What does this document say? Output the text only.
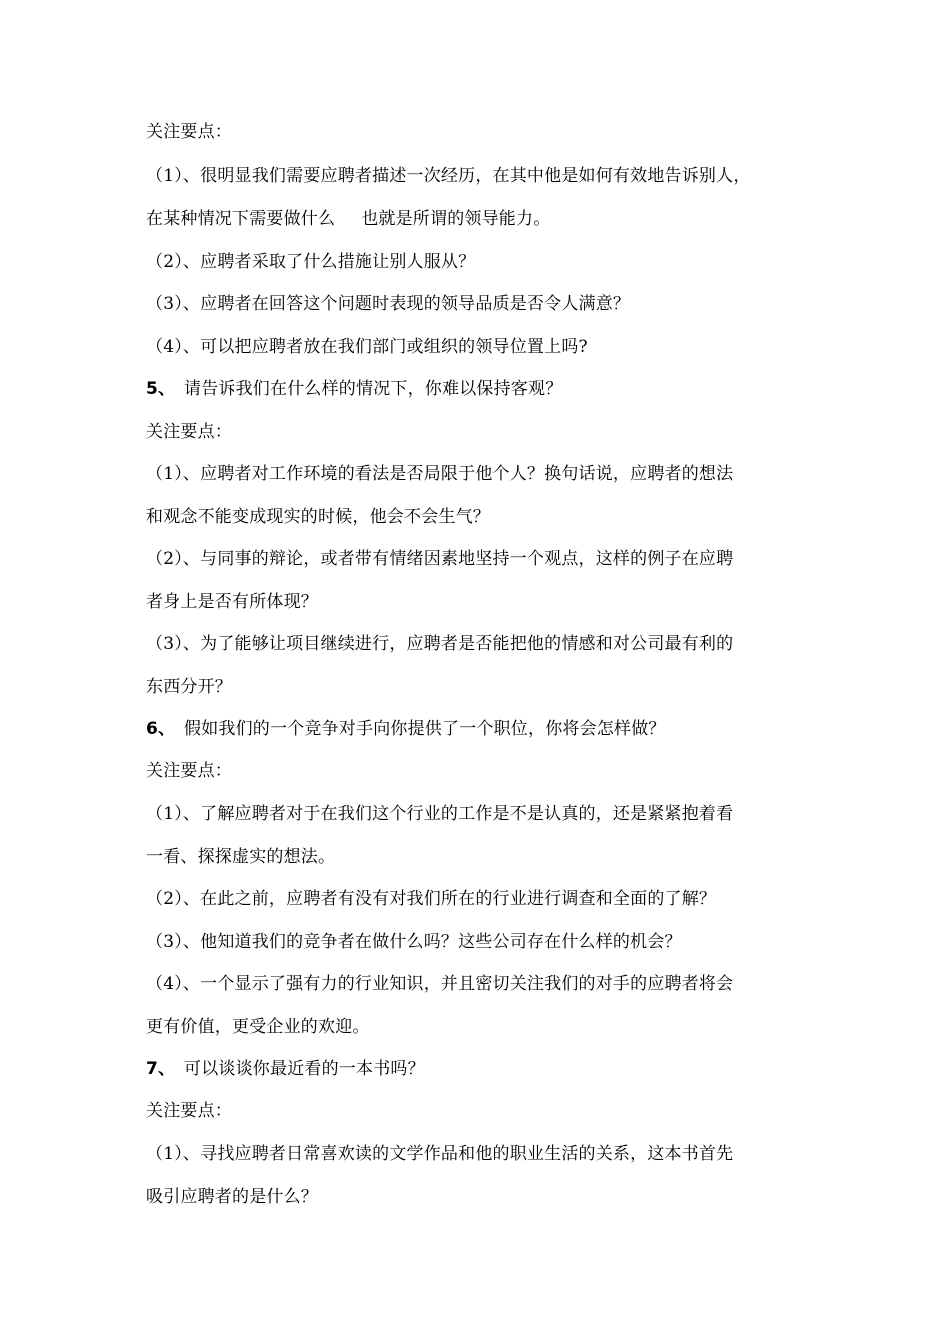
关注要点：
（1）、很明显我们需要应聘者描述一次经历，在其中他是如何有效地告诉别人，
在某种情况下需要做什么 也就是所谓的领导能力。
（2）、应聘者采取了什么措施让别人服从？
（3）、应聘者在回答这个问题时表现的领导品质是否令人满意？
（4）、可以把应聘者放在我们部门或组织的领导位置上吗?
5、 请告诉我们在什么样的情况下，你难以保持客观？
关注要点：
（1）、应聘者对工作环境的看法是否局限于他个人？换句话说，应聘者的想法
和观念不能变成现实的时候，他会不会生气？
（2）、与同事的辩论，或者带有情绪因素地坚持一个观点，这样的例子在应聘
者身上是否有所体现？
（3）、为了能够让项目继续进行，应聘者是否能把他的情感和对公司最有利的
东西分开？
6、 假如我们的一个竞争对手向你提供了一个职位，你将会怎样做？
关注要点：
（1）、了解应聘者对于在我们这个行业的工作是不是认真的，还是紧紧抱着看
一看、探探虚实的想法。
（2）、在此之前，应聘者有没有对我们所在的行业进行调查和全面的了解？
（3）、他知道我们的竞争者在做什么吗？这些公司存在什么样的机会？
（4）、一个显示了强有力的行业知识，并且密切关注我们的对手的应聘者将会
更有价值，更受企业的欢迎。
7、 可以谈谈你最近看的一本书吗？
关注要点：
（1）、寻找应聘者日常喜欢读的文学作品和他的职业生活的关系，这本书首先
吸引应聘者的是什么？
